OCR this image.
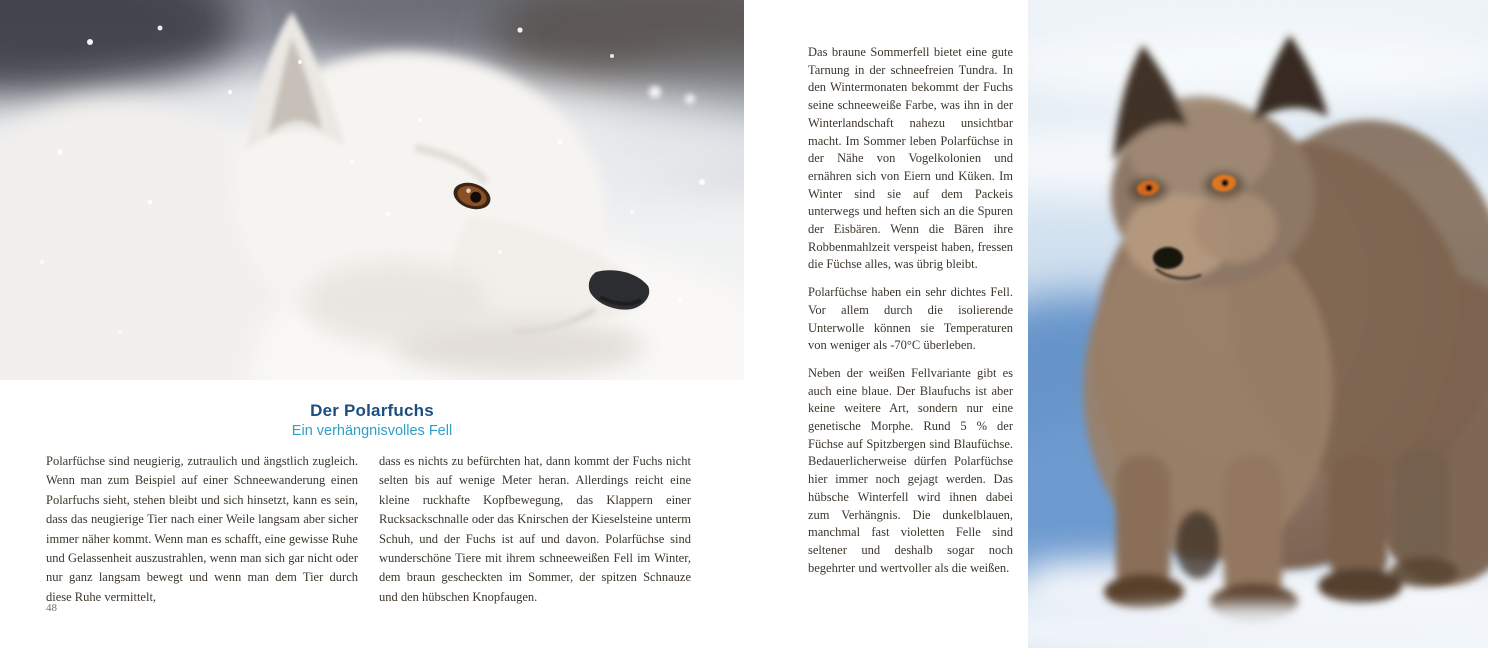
Der Polarfuchs
Ein verhängnisvolles Fell

Polarfüchse sind neugierig, zutraulich und ängstlich zugleich. Wenn man zum Beispiel auf einer Schneewanderung einen Polarfuchs sieht, stehen bleibt und sich hinsetzt, kann es sein, dass das neugierige Tier nach einer Weile langsam aber sicher immer näher kommt. Wenn man es schafft, eine gewisse Ruhe und Gelassenheit auszustrahlen, wenn man sich gar nicht oder nur ganz langsam bewegt und wenn man dem Tier durch diese Ruhe vermittelt,

dass es nichts zu befürchten hat, dann kommt der Fuchs nicht selten bis auf wenige Meter heran. Allerdings reicht eine kleine ruckhafte Kopfbewegung, das Klappern einer Rucksackschnalle oder das Knirschen der Kieselsteine unterm Schuh, und der Fuchs ist auf und davon. Polarfüchse sind wunderschöne Tiere mit ihrem schneeweißen Fell im Winter, dem braun gescheckten im Sommer, der spitzen Schnauze und den hübschen Knopfaugen.

48

Das braune Sommerfell bietet eine gute Tarnung in der schneefreien Tundra. In den Wintermonaten bekommt der Fuchs seine schneeweiße Farbe, was ihn in der Winterlandschaft nahezu unsichtbar macht. Im Sommer leben Polarfüchse in der Nähe von Vogelkolonien und ernähren sich von Eiern und Küken. Im Winter sind sie auf dem Packeis unterwegs und heften sich an die Spuren der Eisbären. Wenn die Bären ihre Robbenmahlzeit verspeist haben, fressen die Füchse alles, was übrig bleibt.

Polarfüchse haben ein sehr dichtes Fell. Vor allem durch die isolierende Unterwolle können sie Temperaturen von weniger als -70°C überleben.

Neben der weißen Fellvariante gibt es auch eine blaue. Der Blaufuchs ist aber keine weitere Art, sondern nur eine genetische Morphe. Rund 5 % der Füchse auf Spitzbergen sind Blaufüchse. Bedauerlicherweise dürfen Polarfüchse hier immer noch gejagt werden. Das hübsche Winterfell wird ihnen dabei zum Verhängnis. Die dunkelblauen, manchmal fast violetten Felle sind seltener und deshalb sogar noch begehrter und wertvoller als die weißen.
